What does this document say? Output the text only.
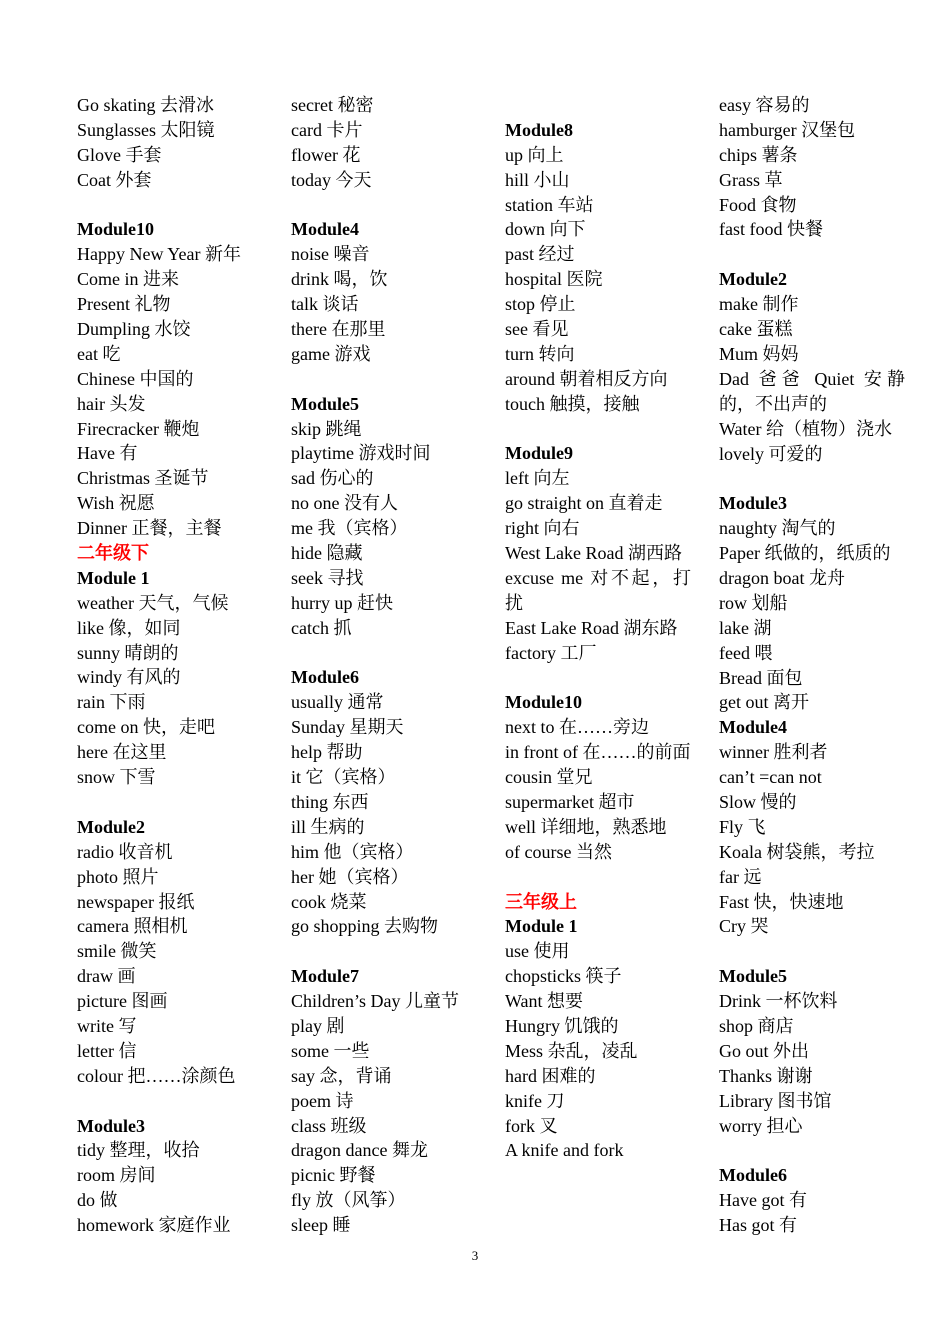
Go skating 去滑冰
Sunglasses 太阳镜
Glove 手套
Coat 外套
Module10
Happy New Year 新年
Come in 进来
Present 礼物
Dumpling 水饺
eat 吃
Chinese 中国的
hair 头发
Firecracker 鞭炮
Have 有
Christmas 圣诞节
Wish 祝愿
Dinner 正餐，主餐
二年级下
Module 1
weather 天气，气候
like 像，如同
sunny 晴朗的
windy 有风的
rain 下雨
come on 快，走吧
here 在这里
snow 下雪
Module2
radio 收音机
photo 照片
newspaper 报纸
camera 照相机
smile 微笑
draw 画
picture 图画
write 写
letter 信
colour 把……涂颜色
Module3
tidy 整理，收拾
room 房间
do 做
homework 家庭作业
secret 秘密
card 卡片
flower 花
today 今天
Module4
noise 噪音
drink 喝，饮
talk 谈话
there 在那里
game 游戏
Module5
skip 跳绳
playtime 游戏时间
sad 伤心的
no one 没有人
me 我（宾格）
hide 隐藏
seek 寻找
hurry up 赶快
catch 抓
Module6
usually 通常
Sunday 星期天
help 帮助
it 它（宾格）
thing 东西
ill 生病的
him 他（宾格）
her 她（宾格）
cook 烧菜
go shopping 去购物
Module7
Children’s Day 儿童节
play 剧
some 一些
say 念，背诵
poem 诗
class 班级
dragon dance 舞龙
picnic 野餐
fly 放（风筝）
sleep 睡
Module8
up 向上
hill 小山
station 车站
down 向下
past 经过
hospital 医院
stop 停止
see 看见
turn 转向
around 朝着相反方向
touch 触摸，接触
Module9
left 向左
go straight on 直着走
right 向右
West Lake Road 湖西路
excuse me 对不起，打扰
East Lake Road 湖东路
factory 工厂
Module10
next to 在……旁边
in front of 在……的前面
cousin 堂兄
supermarket 超市
well 详细地，熟悉地
of course 当然
三年级上
Module 1
use 使用
chopsticks 筷子
Want 想要
Hungry 饥饿的
Mess 杂乱，凌乱
hard 困难的
knife 刀
fork 叉
A knife and fork
easy 容易的
hamburger 汉堡包
chips 薯条
Grass 草
Food 食物
fast food 快餐
Module2
make 制作
cake 蛋糕
Mum 妈妈
Dad 爸爸 Quiet 安静的，不出声的
Water 给（植物）浇水
lovely 可爱的
Module3
naughty 淘气的
Paper 纸做的，纸质的
dragon boat 龙舟
row 划船
lake 湖
feed 喂
Bread 面包
get out 离开
Module4
winner 胜利者
can’t =can not
Slow 慢的
Fly 飞
Koala 树袋熊，考拉
far 远
Fast 快，快速地
Cry 哭
Module5
Drink 一杯饮料
shop 商店
Go out 外出
Thanks 谢谢
Library 图书馆
worry 担心
Module6
Have got 有
Has got 有
3
